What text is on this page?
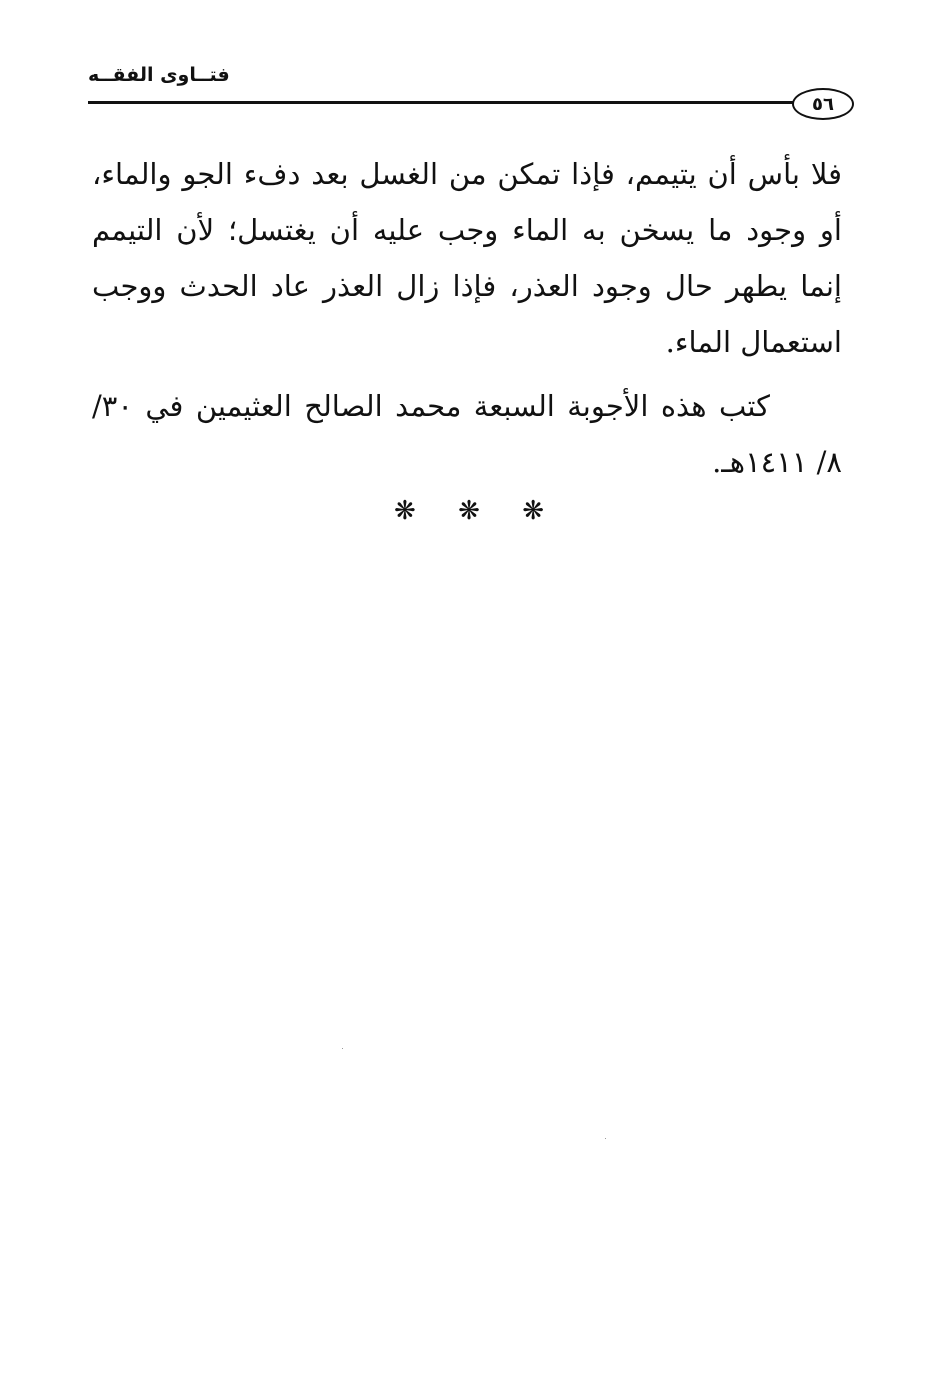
فتــاوى الفقــه
٥٦

فلا بأس أن يتيمم، فإذا تمكن من الغسل بعد دفء الجو والماء، أو وجود ما يسخن به الماء وجب عليه أن يغتسل؛ لأن التيمم إنما يطهر حال وجود العذر، فإذا زال العذر عاد الحدث ووجب استعمال الماء.

كتب هذه الأجوبة السبعة محمد الصالح العثيمين في ٣٠/ ٨/ ١٤١١هـ.

❋ ❋ ❋
